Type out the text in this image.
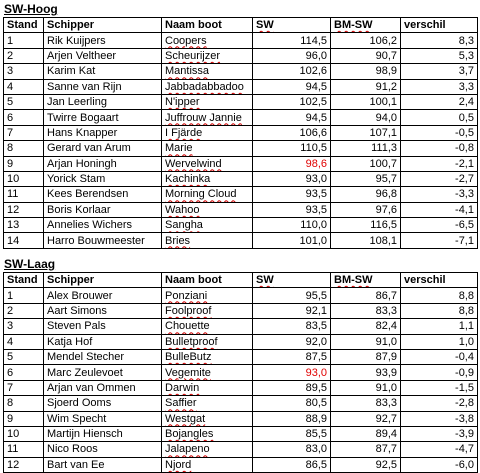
SW-Hoog
Stand	Schipper	Naam boot	SW	BM-SW	verschil
1	Rik Kuijpers	Coopers	114,5	106,2	8,3
2	Arjen Veltheer	Scheurijzer	96,0	90,7	5,3
3	Karim Kat	Mantissa	102,6	98,9	3,7
4	Sanne van Rijn	Jabbadabbadoo	94,5	91,2	3,3
5	Jan Leerling	N'ipper	102,5	100,1	2,4
6	Twirre Bogaart	Juffrouw Jannie	94,5	94,0	0,5
7	Hans Knapper	I Fjärde	106,6	107,1	-0,5
8	Gerard van Arum	Marie	110,5	111,3	-0,8
9	Arjan Honingh	Wervelwind	98,6	100,7	-2,1
10	Yorick Stam	Kachinka	93,0	95,7	-2,7
11	Kees Berendsen	Morning Cloud	93,5	96,8	-3,3
12	Boris Korlaar	Wahoo	93,5	97,6	-4,1
13	Annelies Wichers	Sangha	110,0	116,5	-6,5
14	Harro Bouwmeester	Bries	101,0	108,1	-7,1
SW-Laag
Stand	Schipper	Naam boot	SW	BM-SW	verschil
1	Alex Brouwer	Ponziani	95,5	86,7	8,8
2	Aart Simons	Foolproof	92,1	83,3	8,8
3	Steven Pals	Chouette	83,5	82,4	1,1
4	Katja Hof	Bulletproof	92,0	91,0	1,0
5	Mendel Stecher	BulleButz	87,5	87,9	-0,4
6	Marc Zeulevoet	Vegemite	93,0	93,9	-0,9
7	Arjan van Ommen	Darwin	89,5	91,0	-1,5
8	Sjoerd Ooms	Saffier	80,5	83,3	-2,8
9	Wim Specht	Westgat	88,9	92,7	-3,8
10	Martijn Hiensch	Bojangles	85,5	89,4	-3,9
11	Nico Roos	Jalapeno	83,0	87,7	-4,7
12	Bart van Ee	Njord	86,5	92,5	-6,0
